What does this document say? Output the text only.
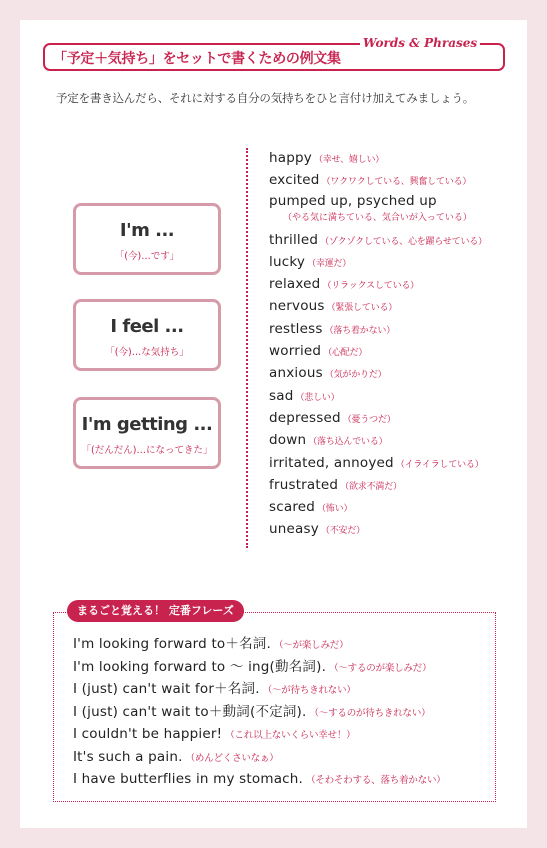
「予定＋気持ち」をセットで書くための例文集
Words & Phrases
予定を書き込んだら、それに対する自分の気持ちをひと言付け加えてみましょう。
I'm ...
「(今)…です」
I feel ...
「(今)…な気持ち」
I'm getting ...
「(だんだん)…になってきた」
happy （幸せ、嬉しい）
excited （ワクワクしている、興奮している）
pumped up, psyched up
（やる気に満ちている、気合いが入っている）
thrilled （ゾクゾクしている、心を躍らせている）
lucky （幸運だ）
relaxed （リラックスしている）
nervous （緊張している）
restless （落ち着かない）
worried （心配だ）
anxious （気がかりだ）
sad （悲しい）
depressed （憂うつだ）
down （落ち込んでいる）
irritated, annoyed （イライラしている）
frustrated （欲求不満だ）
scared （怖い）
uneasy （不安だ）
まるごと覚える！ 定番フレーズ
I'm looking forward to＋名詞. （～が楽しみだ）
I'm looking forward to ～ ing(動名詞). （～するのが楽しみだ）
I (just) can't wait for＋名詞. （～が待ちきれない）
I (just) can't wait to＋動詞(不定詞). （～するのが待ちきれない）
I couldn't be happier! （これ以上ないくらい幸せ！）
It's such a pain. （めんどくさいなぁ）
I have butterflies in my stomach. （そわそわする、落ち着かない）
